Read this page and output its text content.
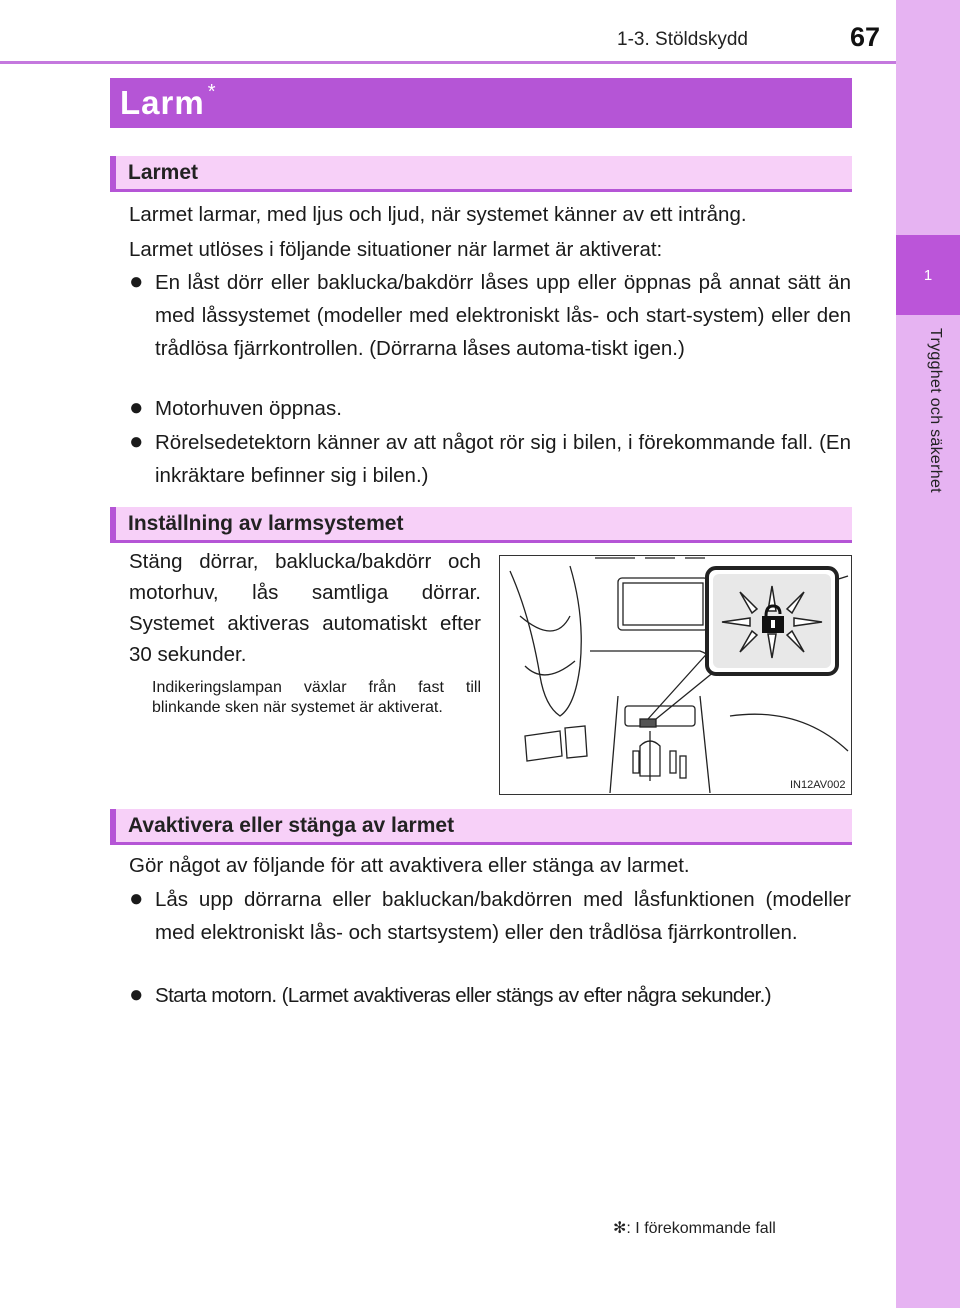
1
Trygghet och säkerhet
1-3. Stöldskydd	67
Larm *
Larmet
Larmet larmar, med ljus och ljud, när systemet känner av ett intrång.
Larmet utlöses i följande situationer när larmet är aktiverat:
● En låst dörr eller baklucka/bakdörr låses upp eller öppnas på annat sätt än med låssystemet (modeller med elektroniskt lås- och start-system) eller den trådlösa fjärrkontrollen. (Dörrarna låses automa-tiskt igen.)
● Motorhuven öppnas.
● Rörelsedetektorn känner av att något rör sig i bilen, i förekommande fall. (En inkräktare befinner sig i bilen.)
Inställning av larmsystemet
Stäng dörrar, baklucka/bakdörr och motorhuv, lås samtliga dörrar. Systemet aktiveras automatiskt efter 30 sekunder.
Indikeringslampan växlar från fast till blinkande sken när systemet är aktiverat.
IN12AV002
Avaktivera eller stänga av larmet
Gör något av följande för att avaktivera eller stänga av larmet.
● Lås upp dörrarna eller bakluckan/bakdörren med låsfunktionen (modeller med elektroniskt lås- och startsystem) eller den trådlösa fjärrkontrollen.
● Starta motorn. (Larmet avaktiveras eller stängs av efter några sekunder.)
✻: I förekommande fall
